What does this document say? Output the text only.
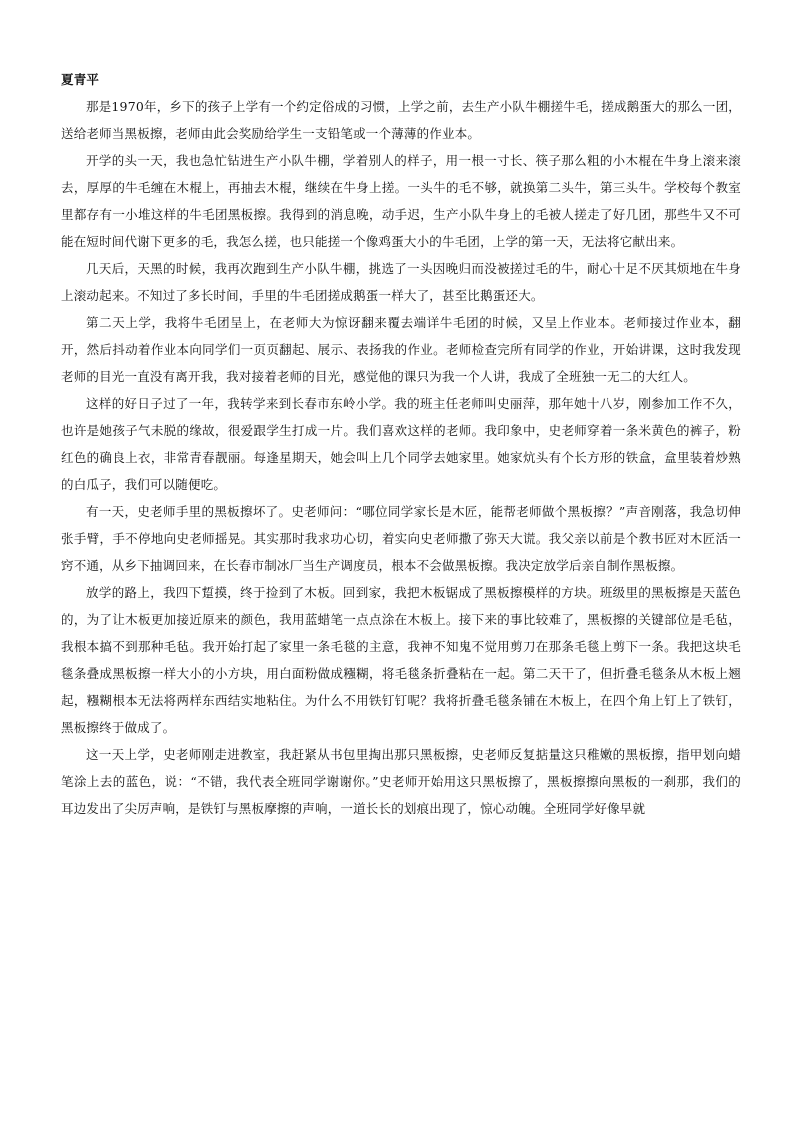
夏青平

那是1970年，乡下的孩子上学有一个约定俗成的习惯，上学之前，去生产小队牛棚搓牛毛，搓成鹅蛋大的那么一团，送给老师当黑板擦，老师由此会奖励给学生一支铅笔或一个薄薄的作业本。

开学的头一天，我也急忙钻进生产小队牛棚，学着别人的样子，用一根一寸长、筷子那么粗的小木棍在牛身上滚来滚去，厚厚的牛毛缠在木棍上，再抽去木棍，继续在牛身上搓。一头牛的毛不够，就换第二头牛，第三头牛。学校每个教室里都存有一小堆这样的牛毛团黑板擦。我得到的消息晚，动手迟，生产小队牛身上的毛被人搓走了好几团，那些牛又不可能在短时间代谢下更多的毛，我怎么搓，也只能搓一个像鸡蛋大小的牛毛团，上学的第一天，无法将它献出来。

几天后，天黑的时候，我再次跑到生产小队牛棚，挑选了一头因晚归而没被搓过毛的牛，耐心十足不厌其烦地在牛身上滚动起来。不知过了多长时间，手里的牛毛团搓成鹅蛋一样大了，甚至比鹅蛋还大。

第二天上学，我将牛毛团呈上，在老师大为惊讶翻来覆去端详牛毛团的时候，又呈上作业本。老师接过作业本，翻开，然后抖动着作业本向同学们一页页翻起、展示、表扬我的作业。老师检查完所有同学的作业，开始讲课，这时我发现老师的目光一直没有离开我，我对接着老师的目光，感觉他的课只为我一个人讲，我成了全班独一无二的大红人。

这样的好日子过了一年，我转学来到长春市东岭小学。我的班主任老师叫史丽萍，那年她十八岁，刚参加工作不久，也许是她孩子气未脱的缘故，很爱跟学生打成一片。我们喜欢这样的老师。我印象中，史老师穿着一条米黄色的裤子，粉红色的确良上衣，非常青春靓丽。每逢星期天，她会叫上几个同学去她家里。她家炕头有个长方形的铁盒，盒里装着炒熟的白瓜子，我们可以随便吃。

有一天，史老师手里的黑板擦坏了。史老师问：“哪位同学家长是木匠，能帮老师做个黑板擦？”声音刚落，我急切伸张手臂，手不停地向史老师摇晃。其实那时我求功心切，着实向史老师撒了弥天大谎。我父亲以前是个教书匠对木匠活一窍不通，从乡下抽调回来，在长春市制冰厂当生产调度员，根本不会做黑板擦。我决定放学后亲自制作黑板擦。

放学的路上，我四下踅摸，终于捡到了木板。回到家，我把木板锯成了黑板擦模样的方块。班级里的黑板擦是天蓝色的，为了让木板更加接近原来的颜色，我用蓝蜡笔一点点涂在木板上。接下来的事比较难了，黑板擦的关键部位是毛毡，我根本搞不到那种毛毡。我开始打起了家里一条毛毯的主意，我神不知鬼不觉用剪刀在那条毛毯上剪下一条。我把这块毛毯条叠成黑板擦一样大小的小方块，用白面粉做成糨糊，将毛毯条折叠粘在一起。第二天干了，但折叠毛毯条从木板上翘起，糨糊根本无法将两样东西结实地粘住。为什么不用铁钉钉呢？我将折叠毛毯条铺在木板上，在四个角上钉上了铁钉，黑板擦终于做成了。

这一天上学，史老师刚走进教室，我赶紧从书包里掏出那只黑板擦，史老师反复掂量这只稚嫩的黑板擦，指甲划向蜡笔涂上去的蓝色，说：“不错，我代表全班同学谢谢你。”史老师开始用这只黑板擦了，黑板擦擦向黑板的一刹那，我们的耳边发出了尖厉声响，是铁钉与黑板摩擦的声响，一道长长的划痕出现了，惊心动魄。全班同学好像早就
